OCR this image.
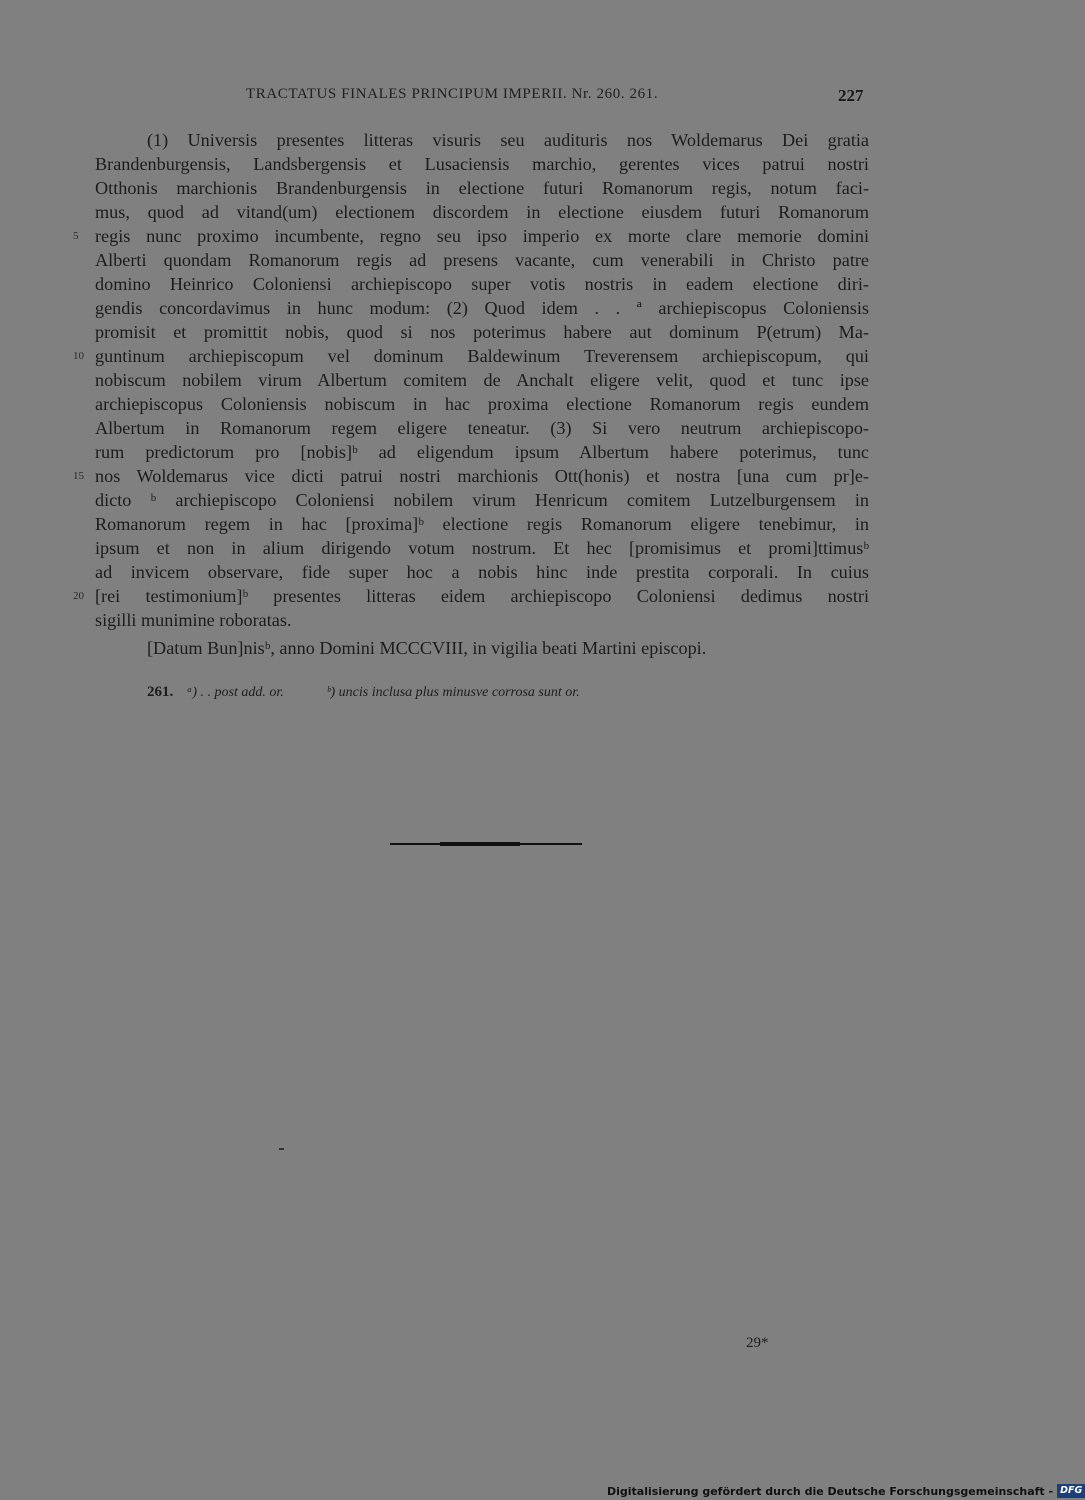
TRACTATUS FINALES PRINCIPUM IMPERII. Nr. 260. 261.	227
(1) Universis presentes litteras visuris seu audituris nos Woldemarus Dei gratia
Brandenburgensis, Landsbergensis et Lusaciensis marchio, gerentes vices patrui nostri
Otthonis marchionis Brandenburgensis in electione futuri Romanorum regis, notum faci-
mus, quod ad vitand(um) electionem discordem in electione eiusdem futuri Romanorum
5 regis nunc proximo incumbente, regno seu ipso imperio ex morte clare memorie domini
Alberti quondam Romanorum regis ad presens vacante, cum venerabili in Christo patre
domino Heinrico Coloniensi archiepiscopo super votis nostris in eadem electione diri-
gendis concordavimus in hunc modum: (2) Quod idem . . ª archiepiscopus Coloniensis
promisit et promittit nobis, quod si nos poterimus habere aut dominum P(etrum) Ma-
10 guntinum archiepiscopum vel dominum Baldewinum Treverensem archiepiscopum, qui
nobiscum nobilem virum Albertum comitem de Anchalt eligere velit, quod et tunc ipse
archiepiscopus Coloniensis nobiscum in hac proxima electione Romanorum regis eundem
Albertum in Romanorum regem eligere teneatur. (3) Si vero neutrum archiepiscopo-
rum predictorum pro [nobis]ᵇ ad eligendum ipsum Albertum habere poterimus, tunc
15 nos Woldemarus vice dicti patrui nostri marchionis Ott(honis) et nostra [una cum pr]e-
dicto ᵇ archiepiscopo Coloniensi nobilem virum Henricum comitem Lutzelburgensem in
Romanorum regem in hac [proxima]ᵇ electione regis Romanorum eligere tenebimur, in
ipsum et non in alium dirigendo votum nostrum. Et hec [promisimus et promi]ttimusᵇ
ad invicem observare, fide super hoc a nobis hinc inde prestita corporali. In cuius
20 [rei testimonium]ᵇ presentes litteras eidem archiepiscopo Coloniensi dedimus nostri
sigilli munimine roboratas.
[Datum Bun]nisᵇ, anno Domini MCCCVIII, in vigilia beati Martini episcopi.
261. ᵃ) . . post add. or.	ᵇ) uncis inclusa plus minusve corrosa sunt or.
29*
Digitalisierung gefördert durch die Deutsche Forschungsgemeinschaft - DFG
